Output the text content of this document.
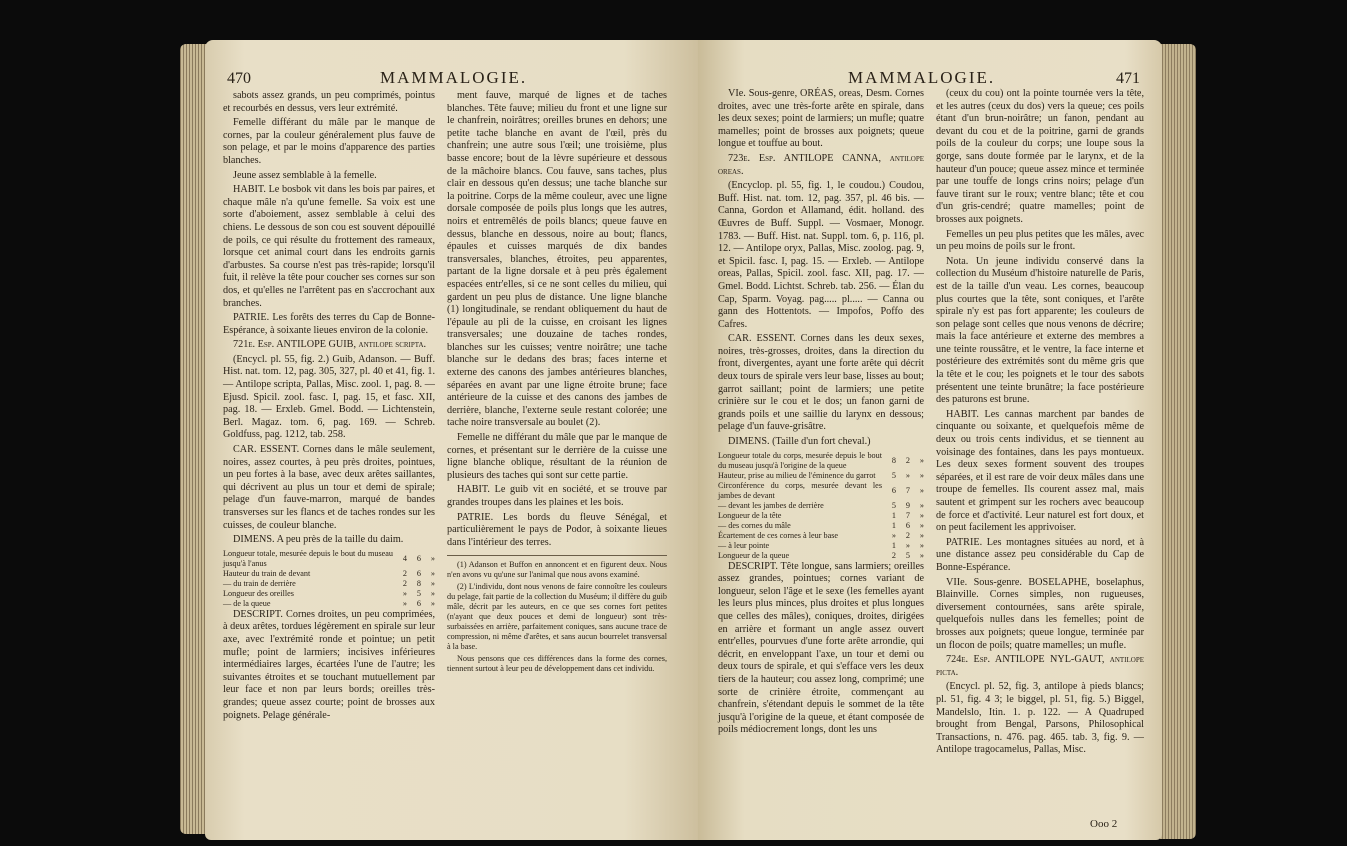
470	MAMMALOGIE.

sabots assez grands, un peu comprimés, pointus et recourbés en dessus, vers leur extrémité.

Femelle différant du mâle par le manque de cornes, par la couleur généralement plus fauve de son pelage, et par le moins d'apparence des parties blanches.

Jeune assez semblable à la femelle.

HABIT. Le bosbok vit dans les bois par paires, et chaque mâle n'a qu'une femelle. Sa voix est une sorte d'aboiement, assez semblable à celui des chiens. Le dessous de son cou est souvent dépouillé de poils, ce qui résulte du frottement des rameaux, lorsque cet animal court dans les endroits garnis d'arbustes. Sa course n'est pas très-rapide; lorsqu'il fuit, il relève la tête pour coucher ses cornes sur son dos, et qu'elles ne l'arrêtent pas en s'accrochant aux branches.

PATRIE. Les forêts des terres du Cap de Bonne-Espérance, à soixante lieues environ de la colonie.

721e. Esp. ANTILOPE GUIB, antilope scripta.

(Encycl. pl. 55, fig. 2.) Guib, Adanson. — Buff. Hist. nat. tom. 12, pag. 305, 327, pl. 40 et 41, fig. 1. — Antilope scripta, Pallas, Misc. zool. 1, pag. 8. — Ejusd. Spicil. zool. fasc. I, pag. 15, et fasc. XII, pag. 18. — Erxleb. Gmel. Bodd. — Lichtenstein, Berl. Magaz. tom. 6, pag. 169. — Schreb. Goldfuss, pag. 1212, tab. 258.

CAR. ESSENT. Cornes dans le mâle seulement, noires, assez courtes, à peu près droites, pointues, un peu fortes à la base, avec deux arêtes saillantes, qui décrivent au plus un tour et demi de spirale; pelage d'un fauve-marron, marqué de bandes transverses sur les flancs et de taches rondes sur les cuisses, de couleur blanche.

DIMENS. A peu près de la taille du daim.

Longueur totale, mesurée depuis le bout du museau jusqu'à l'anus	4	6	»
Hauteur du train de devant	2	6	»
— du train de derrière	2	8	»
Longueur des oreilles	»	5	»
— de la queue	»	6	»

DESCRIPT. Cornes droites, un peu comprimées, à deux arêtes, tordues légèrement en spirale sur leur axe, avec l'extrémité ronde et pointue; un petit mufle; point de larmiers; incisives inférieures intermédiaires larges, écartées l'une de l'autre; les suivantes étroites et se touchant mutuellement par leur face et non par leurs bords; oreilles très-grandes; queue assez courte; point de brosses aux poignets. Pelage générale-

ment fauve, marqué de lignes et de taches blanches. Tête fauve; milieu du front et une ligne sur le chanfrein, noirâtres; oreilles brunes en dehors; une petite tache blanche en avant de l'œil, près du chanfrein; une autre sous l'œil; une troisième, plus basse encore; bout de la lèvre supérieure et dessous de la mâchoire blancs. Cou fauve, sans taches, plus clair en dessous qu'en dessus; une tache blanche sur la poitrine. Corps de la même couleur, avec une ligne dorsale composée de poils plus longs que les autres, noirs et entremêlés de poils blancs; queue fauve en dessus, blanche en dessous, noire au bout; flancs, épaules et cuisses marqués de dix bandes transversales, blanches, étroites, peu apparentes, partant de la ligne dorsale et à peu près également espacées entr'elles, si ce ne sont celles du milieu, qui gardent un peu plus de distance. Une ligne blanche (1) longitudinale, se rendant obliquement du haut de l'épaule au pli de la cuisse, en croisant les lignes transversales; une douzaine de taches rondes, blanches sur les cuisses; ventre noirâtre; une tache blanche sur le dedans des bras; faces interne et externe des canons des jambes antérieures blanches, séparées en avant par une ligne étroite brune; face antérieure de la cuisse et des canons des jambes de derrière, blanche, l'externe seule restant colorée; une tache noire transversale au boulet (2).

Femelle ne différant du mâle que par le manque de cornes, et présentant sur le derrière de la cuisse une ligne blanche oblique, résultant de la réunion de plusieurs des taches qui sont sur cette partie.

HABIT. Le guib vit en société, et se trouve par grandes troupes dans les plaines et les bois.

PATRIE. Les bords du fleuve Sénégal, et particulièrement le pays de Podor, à soixante lieues dans l'intérieur des terres.

(1) Adanson et Buffon en annoncent et en figurent deux. Nous n'en avons vu qu'une sur l'animal que nous avons examiné.

(2) L'individu, dont nous venons de faire connoître les couleurs du pelage, fait partie de la collection du Muséum; il diffère du guib mâle, décrit par les auteurs, en ce que ses cornes fort petites (n'ayant que deux pouces et demi de longueur) sont très-surbaissées en arrière, parfaitement coniques, sans aucune trace de compression, ni même d'arêtes, et sans aucun bourrelet transversal à la base.

Nous pensons que ces différences dans la forme des cornes, tiennent surtout à leur peu de développement dans cet individu.

MAMMALOGIE.	471

VIe. Sous-genre, ORÉAS, oreas, Desm. Cornes droites, avec une très-forte arête en spirale, dans les deux sexes; point de larmiers; un mufle; quatre mamelles; point de brosses aux poignets; queue longue et touffue au bout.

723e. Esp. ANTILOPE CANNA, antilope oreas.

(Encyclop. pl. 55, fig. 1, le coudou.) Coudou, Buff. Hist. nat. tom. 12, pag. 357, pl. 46 bis. — Canna, Gordon et Allamand, édit. holland. des Œuvres de Buff. Suppl. — Vosmaer, Monogr. 1783. — Buff. Hist. nat. Suppl. tom. 6, p. 116, pl. 12. — Antilope oryx, Pallas, Misc. zoolog. pag. 9, et Spicil. fasc. I, pag. 15. — Erxleb. — Antilope oreas, Pallas, Spicil. zool. fasc. XII, pag. 17. — Gmel. Bodd. Lichtst. Schreb. tab. 256. — Élan du Cap, Sparm. Voyag. pag..... pl..... — Canna ou gann des Hottentots. — Impofos, Poffo des Cafres.

CAR. ESSENT. Cornes dans les deux sexes, noires, très-grosses, droites, dans la direction du front, divergentes, ayant une forte arête qui décrit deux tours de spirale vers leur base, lisses au bout; garrot saillant; point de larmiers; une petite crinière sur le cou et le dos; un fanon garni de grands poils et une saillie du larynx en dessous; pelage d'un fauve-grisâtre.

DIMENS. (Taille d'un fort cheval.)

Longueur totale du corps, mesurée depuis le bout du museau jusqu'à l'origine de la queue	8	2	»
Hauteur, prise au milieu de l'éminence du garrot	5	»	»
Circonférence du corps, mesurée devant les jambes de devant	6	7	»
— devant les jambes de derrière	5	9	»
Longueur de la tête	1	7	»
— des cornes du mâle	1	6	»
Écartement de ces cornes à leur base	»	2	»
— à leur pointe	1	»	»
Longueur de la queue	2	5	»

DESCRIPT. Tête longue, sans larmiers; oreilles assez grandes, pointues; cornes variant de longueur, selon l'âge et le sexe (les femelles ayant les leurs plus minces, plus droites et plus longues que celles des mâles), coniques, droites, dirigées en arrière et formant un angle assez ouvert entr'elles, pourvues d'une forte arête arrondie, qui décrit, en enveloppant l'axe, un tour et demi ou deux tours de spirale, et qui s'efface vers les deux tiers de la hauteur; cou assez long, comprimé; une sorte de crinière étroite, commençant au chanfrein, s'étendant depuis le sommet de la tête jusqu'à l'origine de la queue, et étant composée de poils médiocrement longs, dont les uns

(ceux du cou) ont la pointe tournée vers la tête, et les autres (ceux du dos) vers la queue; ces poils étant d'un brun-noirâtre; un fanon, pendant au devant du cou et de la poitrine, garni de grands poils de la couleur du corps; une loupe sous la gorge, sans doute formée par le larynx, et de la hauteur d'un pouce; queue assez mince et terminée par une touffe de longs crins noirs; pelage d'un fauve tirant sur le roux; ventre blanc; tête et cou d'un gris-cendré; quatre mamelles; point de brosses aux poignets.

Femelles un peu plus petites que les mâles, avec un peu moins de poils sur le front.

Nota. Un jeune individu conservé dans la collection du Muséum d'histoire naturelle de Paris, est de la taille d'un veau. Les cornes, beaucoup plus courtes que la tête, sont coniques, et l'arête spirale n'y est pas fort apparente; les couleurs de son pelage sont celles que nous venons de décrire; mais la face antérieure et externe des membres a une teinte roussâtre, et le ventre, la face interne et postérieure des extrémités sont du même gris que la tête et le cou; les poignets et le tour des sabots présentent une teinte brunâtre; la face postérieure des paturons est brune.

HABIT. Les cannas marchent par bandes de cinquante ou soixante, et quelquefois même de deux ou trois cents individus, et se tiennent au voisinage des fontaines, dans les pays montueux. Les deux sexes forment souvent des troupes séparées, et il est rare de voir deux mâles dans une troupe de femelles. Ils courent assez mal, mais sautent et grimpent sur les rochers avec beaucoup de force et d'activité. Leur naturel est fort doux, et on peut facilement les apprivoiser.

PATRIE. Les montagnes situées au nord, et à une distance assez peu considérable du Cap de Bonne-Espérance.

VIIe. Sous-genre. BOSELAPHE, boselaphus, Blainville. Cornes simples, non rugueuses, diversement contournées, sans arête spirale, quelquefois nulles dans les femelles; point de brosses aux poignets; queue longue, terminée par un flocon de poils; quatre mamelles; un mufle.

724e. Esp. ANTILOPE NYL-GAUT, antilope picta.

(Encycl. pl. 52, fig. 3, antilope à pieds blancs; pl. 51, fig. 4 3; le biggel, pl. 51, fig. 5.) Biggel, Mandelslo, Itin. 1. p. 122. — A Quadruped brought from Bengal, Parsons, Philosophical Transactions, n. 476. pag. 465. tab. 3, fig. 9. — Antilope tragocamelus, Pallas, Misc.

Ooo 2
